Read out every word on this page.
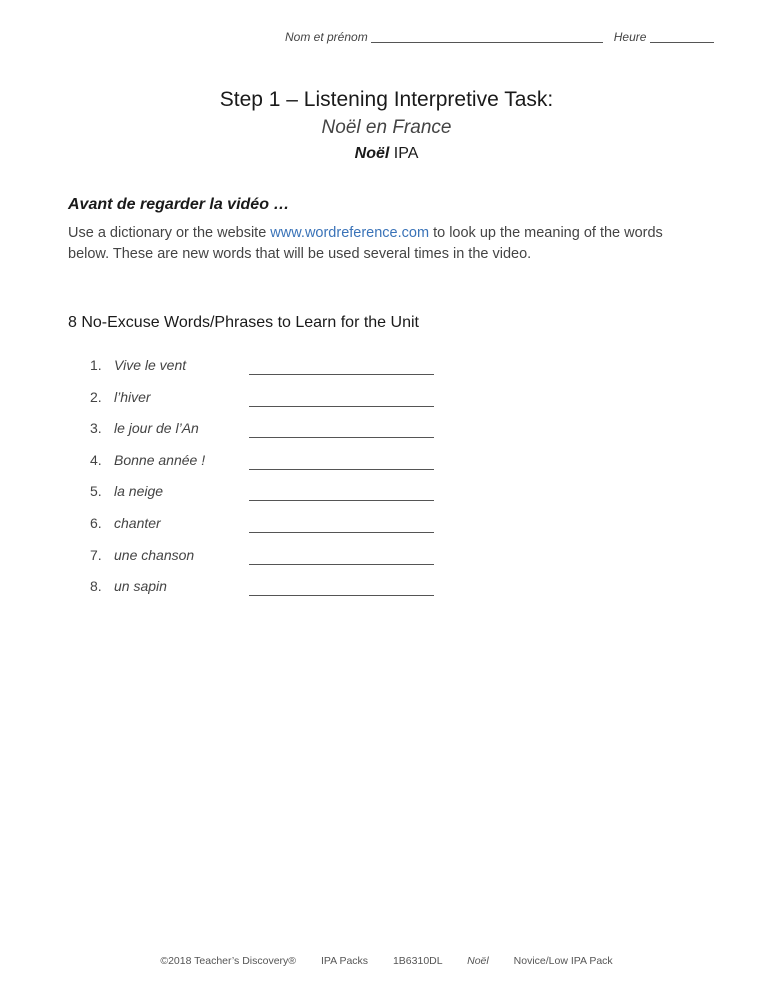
Nom et prénom	Heure
Step 1 – Listening Interpretive Task:
Noël en France
Noël IPA
Avant de regarder la vidéo …
Use a dictionary or the website www.wordreference.com to look up the meaning of the words below. These are new words that will be used several times in the video.
8 No-Excuse Words/Phrases to Learn for the Unit
1. Vive le vent
2. l’hiver
3. le jour de l’An
4. Bonne année !
5. la neige
6. chanter
7. une chanson
8. un sapin
©2018 Teacher’s Discovery® IPA Packs 1B6310DL Noël Novice/Low IPA Pack
